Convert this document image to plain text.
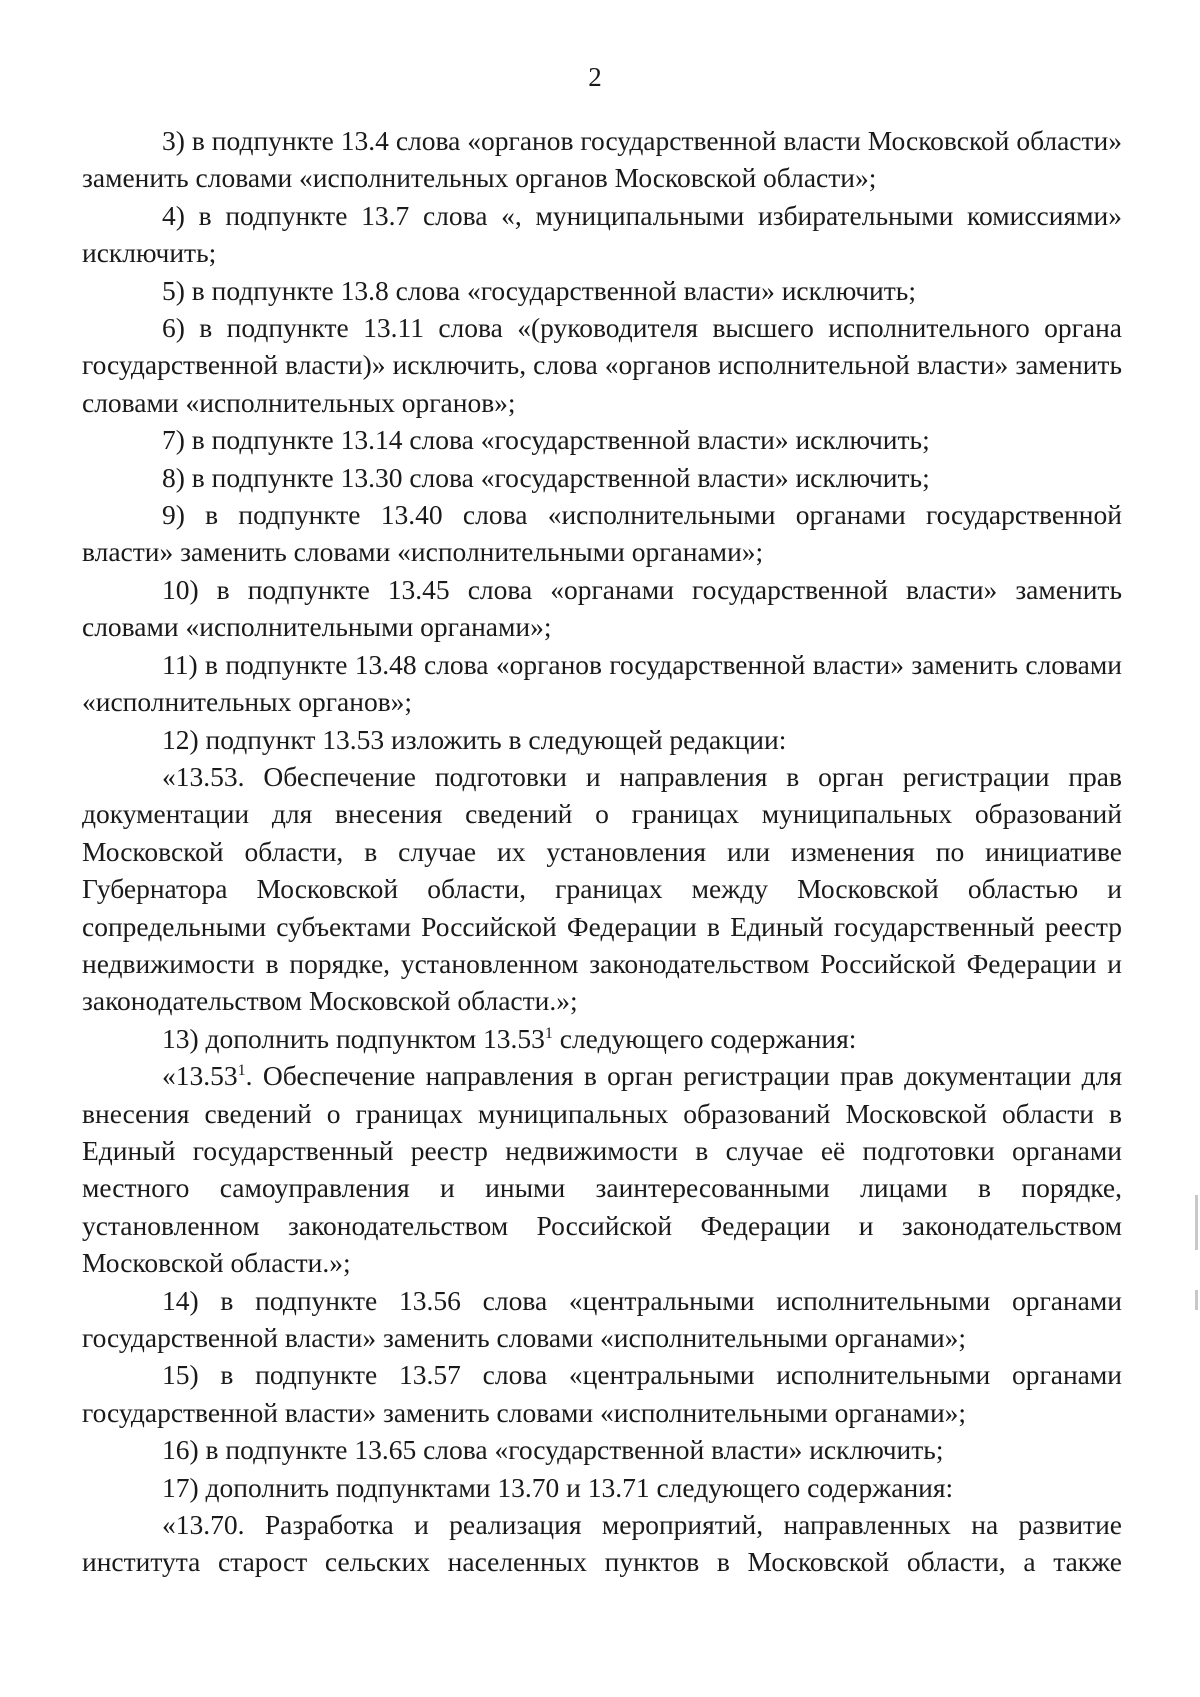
2

3) в подпункте 13.4 слова «органов государственной власти Московской области» заменить словами «исполнительных органов Московской области»;

4) в подпункте 13.7 слова «, муниципальными избирательными комиссиями» исключить;

5) в подпункте 13.8 слова «государственной власти» исключить;

6) в подпункте 13.11 слова «(руководителя высшего исполнительного органа государственной власти)» исключить, слова «органов исполнительной власти» заменить словами «исполнительных органов»;

7) в подпункте 13.14 слова «государственной власти» исключить;

8) в подпункте 13.30 слова «государственной власти» исключить;

9) в подпункте 13.40 слова «исполнительными органами государственной власти» заменить словами «исполнительными органами»;

10) в подпункте 13.45 слова «органами государственной власти» заменить словами «исполнительными органами»;

11) в подпункте 13.48 слова «органов государственной власти» заменить словами «исполнительных органов»;

12) подпункт 13.53 изложить в следующей редакции:

«13.53. Обеспечение подготовки и направления в орган регистрации прав документации для внесения сведений о границах муниципальных образований Московской области, в случае их установления или изменения по инициативе Губернатора Московской области, границах между Московской областью и сопредельными субъектами Российской Федерации в Единый государственный реестр недвижимости в порядке, установленном законодательством Российской Федерации и законодательством Московской области.»;

13) дополнить подпунктом 13.53$^1$ следующего содержания:

«13.53$^1$. Обеспечение направления в орган регистрации прав документации для внесения сведений о границах муниципальных образований Московской области в Единый государственный реестр недвижимости в случае её подготовки органами местного самоуправления и иными заинтересованными лицами в порядке, установленном законодательством Российской Федерации и законодательством Московской области.»;

14) в подпункте 13.56 слова «центральными исполнительными органами государственной власти» заменить словами «исполнительными органами»;

15) в подпункте 13.57 слова «центральными исполнительными органами государственной власти» заменить словами «исполнительными органами»;

16) в подпункте 13.65 слова «государственной власти» исключить;

17) дополнить подпунктами 13.70 и 13.71 следующего содержания:

«13.70. Разработка и реализация мероприятий, направленных на развитие института старост сельских населенных пунктов в Московской области, а также
